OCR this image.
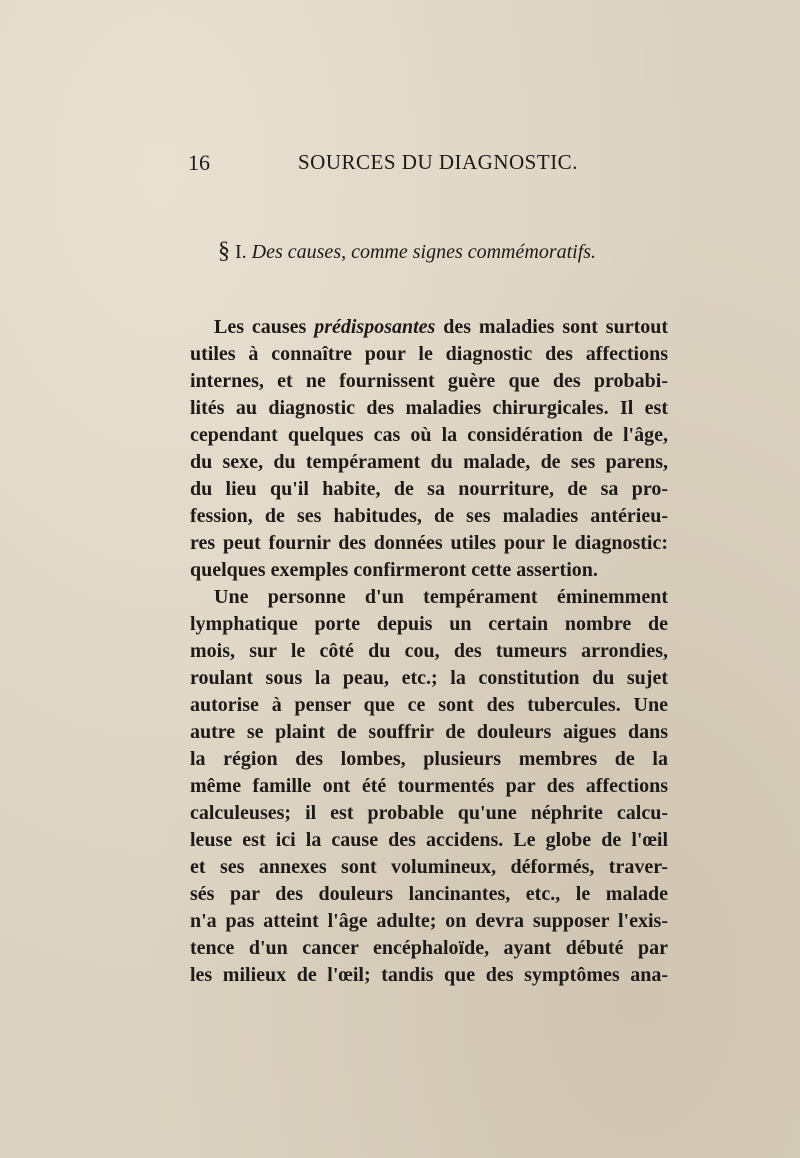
16	SOURCES DU DIAGNOSTIC.
§ I. Des causes, comme signes commémoratifs.
Les causes prédisposantes des maladies sont surtout
utiles à connaître pour le diagnostic des affections
internes, et ne fournissent guère que des probabi-
lités au diagnostic des maladies chirurgicales. Il est
cependant quelques cas où la considération de l'âge,
du sexe, du tempérament du malade, de ses parens,
du lieu qu'il habite, de sa nourriture, de sa pro-
fession, de ses habitudes, de ses maladies antérieu-
res peut fournir des données utiles pour le diagnostic:
quelques exemples confirmeront cette assertion.
Une personne d'un tempérament éminemment
lymphatique porte depuis un certain nombre de
mois, sur le côté du cou, des tumeurs arrondies,
roulant sous la peau, etc.; la constitution du sujet
autorise à penser que ce sont des tubercules. Une
autre se plaint de souffrir de douleurs aigues dans
la région des lombes, plusieurs membres de la
même famille ont été tourmentés par des affections
calculeuses; il est probable qu'une néphrite calcu-
leuse est ici la cause des accidens. Le globe de l'œil
et ses annexes sont volumineux, déformés, traver-
sés par des douleurs lancinantes, etc., le malade
n'a pas atteint l'âge adulte; on devra supposer l'exis-
tence d'un cancer encéphaloïde, ayant débuté par
les milieux de l'œil; tandis que des symptômes ana-
